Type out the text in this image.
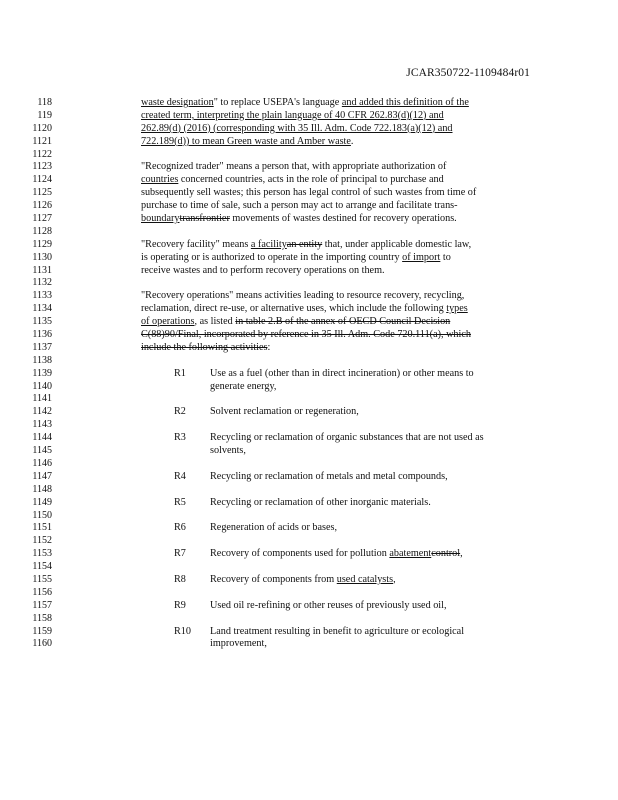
JCAR350722-1109484r01
118	waste designation" to replace USEPA's language and added this definition of the
119	created term, interpreting the plain language of 40 CFR 262.83(d)(12) and
1120	262.89(d) (2016) (corresponding with 35 Ill. Adm. Code 722.183(a)(12) and
1121	722.189(d)) to mean Green waste and Amber waste.
1122
1123	"Recognized trader" means a person that, with appropriate authorization of
1124	countries concerned countries, acts in the role of principal to purchase and
1125	subsequently sell wastes; this person has legal control of such wastes from time of
1126	purchase to time of sale, such a person may act to arrange and facilitate trans-
1127	boundarytransfrontier movements of wastes destined for recovery operations.
1128
1129	"Recovery facility" means a facilityan entity that, under applicable domestic law,
1130	is operating or is authorized to operate in the importing country of import to
1131	receive wastes and to perform recovery operations on them.
1132
1133	"Recovery operations" means activities leading to resource recovery, recycling,
1134	reclamation, direct re-use, or alternative uses, which include the following types
1135	of operations, as listed in table 2.B of the annex of OECD Council Decision
1136	C(88)90/Final, incorporated by reference in 35 Ill. Adm. Code 720.111(a), which
1137	include the following activities:
1138
1139	R1	Use as a fuel (other than in direct incineration) or other means to
1140	generate energy,
1141
1142	R2	Solvent reclamation or regeneration,
1143
1144	R3	Recycling or reclamation of organic substances that are not used as
1145	solvents,
1146
1147	R4	Recycling or reclamation of metals and metal compounds,
1148
1149	R5	Recycling or reclamation of other inorganic materials.
1150
1151	R6	Regeneration of acids or bases,
1152
1153	R7	Recovery of components used for pollution abatementcontrol,
1154
1155	R8	Recovery of components from used catalysts,
1156
1157	R9	Used oil re-refining or other reuses of previously used oil,
1158
1159	R10	Land treatment resulting in benefit to agriculture or ecological
1160	improvement,
